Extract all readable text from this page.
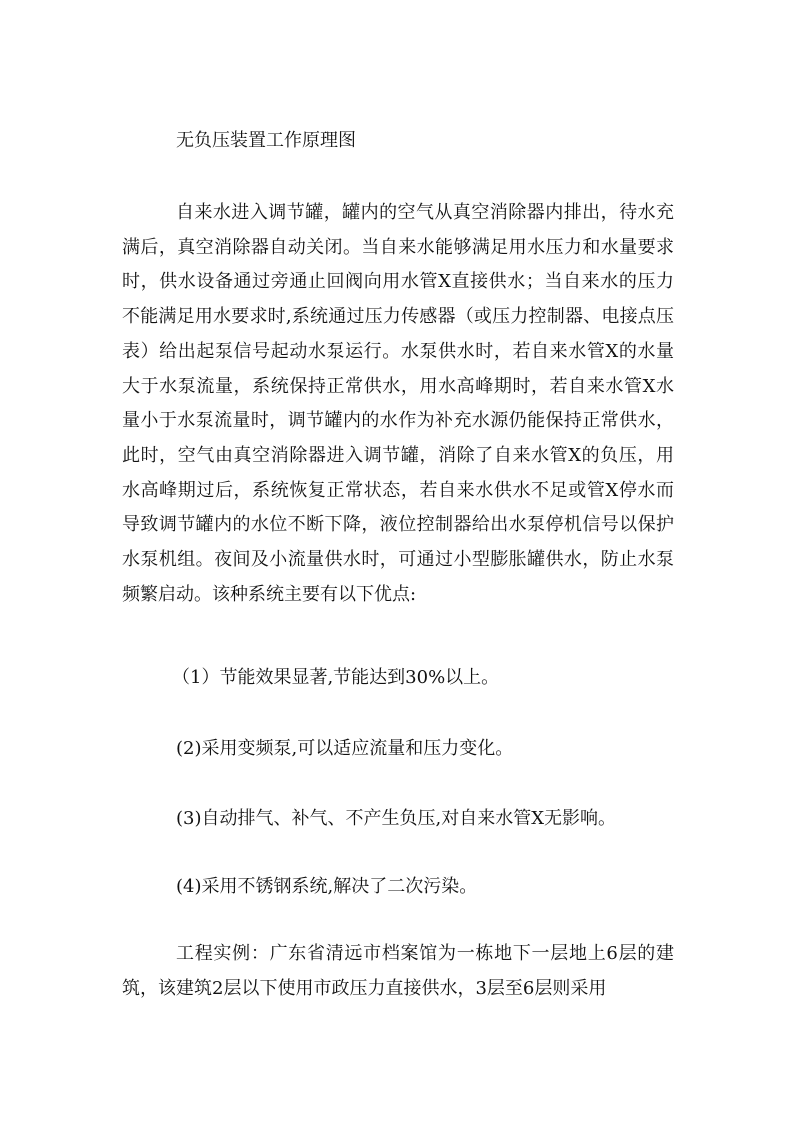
无负压装置工作原理图
自来水进入调节罐，罐内的空气从真空消除器内排出，待水充满后，真空消除器自动关闭。当自来水能够满足用水压力和水量要求时，供水设备通过旁通止回阀向用水管X直接供水；当自来水的压力不能满足用水要求时,系统通过压力传感器（或压力控制器、电接点压表）给出起泵信号起动水泵运行。水泵供水时，若自来水管X的水量大于水泵流量，系统保持正常供水，用水高峰期时，若自来水管X水量小于水泵流量时，调节罐内的水作为补充水源仍能保持正常供水，此时，空气由真空消除器进入调节罐，消除了自来水管X的负压，用水高峰期过后，系统恢复正常状态，若自来水供水不足或管X停水而导致调节罐内的水位不断下降，液位控制器给出水泵停机信号以保护水泵机组。夜间及小流量供水时，可通过小型膨胀罐供水，防止水泵频繁启动。该种系统主要有以下优点:
（1）节能效果显著,节能达到30%以上。
(2)采用变频泵,可以适应流量和压力变化。
(3)自动排气、补气、不产生负压,对自来水管X无影响。
(4)采用不锈钢系统,解决了二次污染。
工程实例：广东省清远市档案馆为一栋地下一层地上6层的建筑，该建筑2层以下使用市政压力直接供水，3层至6层则采用
